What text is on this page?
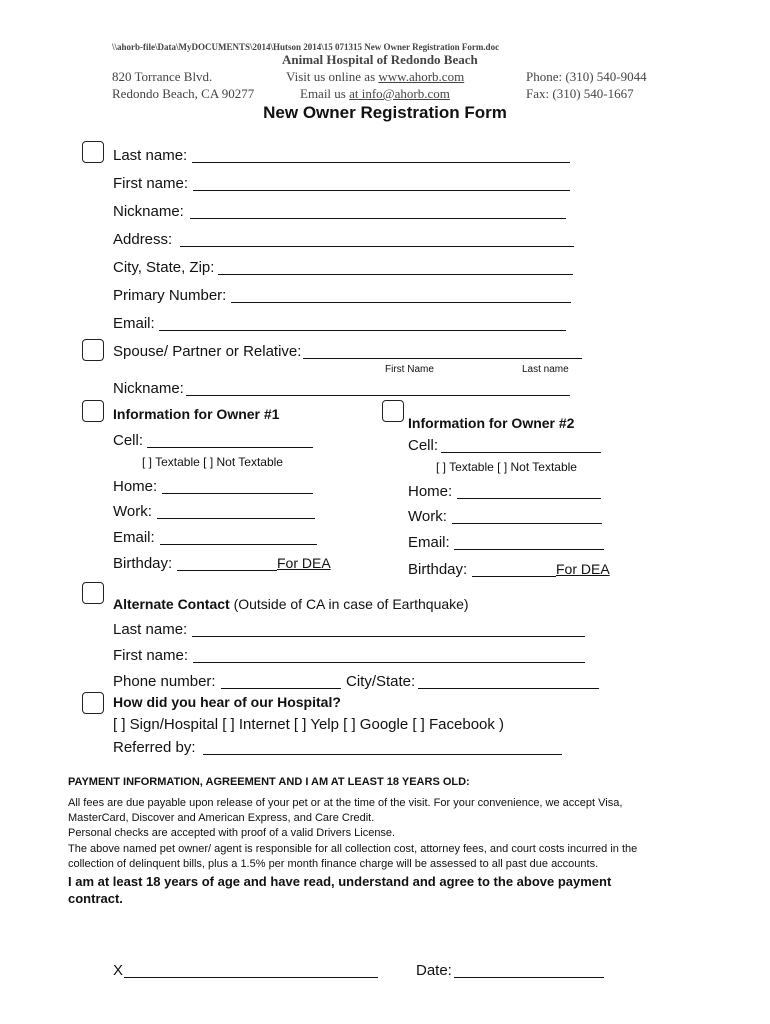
\\ahorb-file\Data\MyDOCUMENTS\2014\Hutson 2014\15 071315 New Owner Registration Form.doc
Animal Hospital of Redondo Beach
820 Torrance Blvd.
Redondo Beach, CA 90277
Visit us online as www.ahorb.com
Email us at info@ahorb.com
Phone: (310) 540-9044
Fax: (310) 540-1667
New Owner Registration Form
Last name:
First name:
Nickname:
Address:
City, State, Zip:
Primary Number:
Email:
Spouse/ Partner or Relative:
First Name	Last name
Nickname:
Information for Owner #1
Cell:
[ ] Textable [ ] Not Textable
Home:
Work:
Email:
Birthday:	For DEA
Information for Owner #2
Cell:
[ ] Textable [ ] Not Textable
Home:
Work:
Email:
Birthday:	For DEA
Alternate Contact (Outside of CA in case of Earthquake)
Last name:
First name:
Phone number:	City/State:
How did you hear of our Hospital?
[ ] Sign/Hospital [ ] Internet [ ] Yelp [ ] Google [ ] Facebook )
Referred by:
PAYMENT INFORMATION, AGREEMENT AND I AM AT LEAST 18 YEARS OLD:
All fees are due payable upon release of your pet or at the time of the visit. For your convenience, we accept Visa,
MasterCard, Discover and American Express, and Care Credit.
Personal checks are accepted with proof of a valid Drivers License.
The above named pet owner/ agent is responsible for all collection cost, attorney fees, and court costs incurred in the
collection of delinquent bills, plus a 1.5% per month finance charge will be assessed to all past due accounts.
I am at least 18 years of age and have read, understand and agree to the above payment
contract.
X	Date:
